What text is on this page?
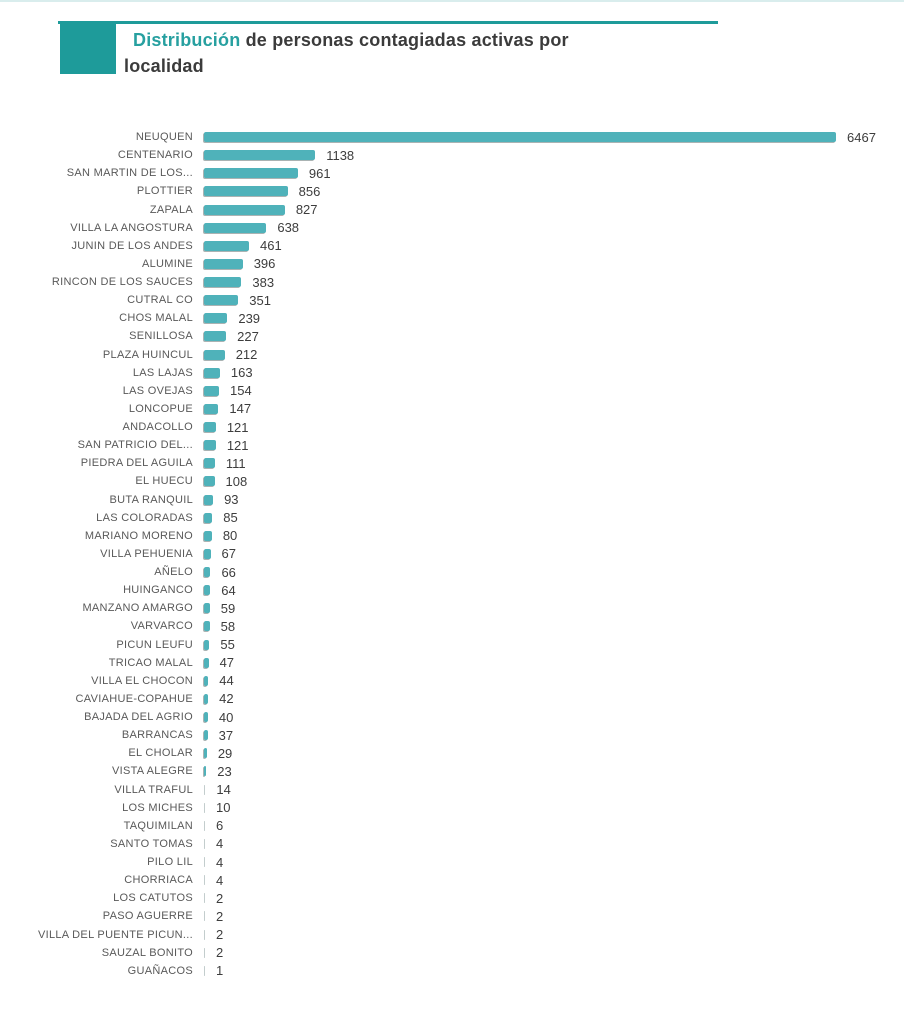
Distribución de personas contagiadas activas por
localidad
NEUQUEN	6467
CENTENARIO	1138
SAN MARTIN DE LOS...	961
PLOTTIER	856
ZAPALA	827
VILLA LA ANGOSTURA	638
JUNIN DE LOS ANDES	461
ALUMINE	396
RINCON DE LOS SAUCES	383
CUTRAL CO	351
CHOS MALAL	239
SENILLOSA	227
PLAZA HUINCUL	212
LAS LAJAS	163
LAS OVEJAS	154
LONCOPUE	147
ANDACOLLO	121
SAN PATRICIO DEL...	121
PIEDRA DEL AGUILA	111
EL HUECU	108
BUTA RANQUIL 93
LAS COLORADAS 85
MARIANO MORENO 80
VILLA PEHUENIA 67
AÑELO 66
HUINGANCO 64
MANZANO AMARGO 59
VARVARCO 58
PICUN LEUFU 55
TRICAO MALAL 47
VILLA EL CHOCON 44
CAVIAHUE-COPAHUE 42
BAJADA DEL AGRIO 40
BARRANCAS 37
EL CHOLAR 29
VISTA ALEGRE 23
VILLA TRAFUL 14
LOS MICHES 10
TAQUIMILAN 6
SANTO TOMAS 4
PILO LIL 4
CHORRIACA 4
LOS CATUTOS 2
PASO AGUERRE 2
VILLA DEL PUENTE PICUN... 2
SAUZAL BONITO 2
GUAÑACOS 1
